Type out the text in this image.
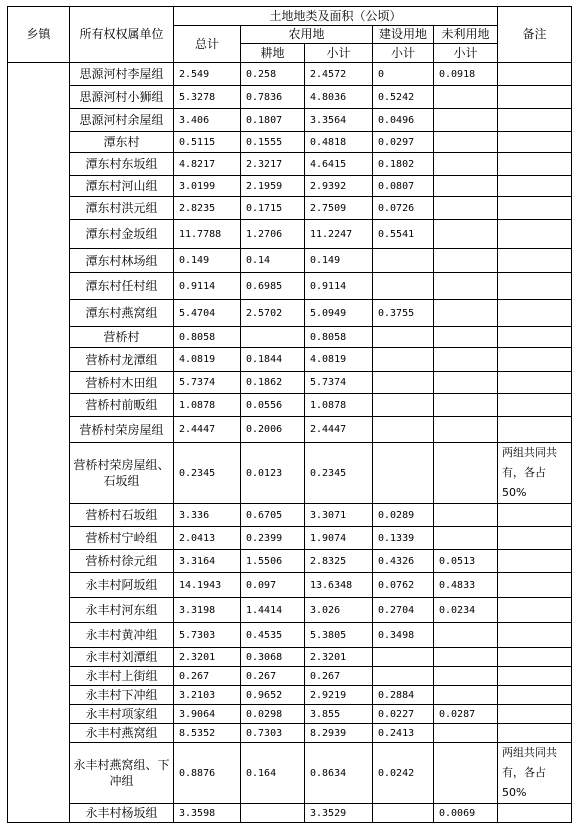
乡镇	所有权权属单位	土地地类及面积（公顷）					备注
		总计	农用地		建设用地	未利用地	
			耕地	小计	小计	小计	
	思源河村李屋组	2.549	0.258	2.4572	0	0.0918	
	思源河村小狮组	5.3278	0.7836	4.8036	0.5242		
	思源河村余屋组	3.406	0.1807	3.3564	0.0496		
	潭东村	0.5115	0.1555	0.4818	0.0297		
	潭东村东坂组	4.8217	2.3217	4.6415	0.1802		
	潭东村河山组	3.0199	2.1959	2.9392	0.0807		
	潭东村洪元组	2.8235	0.1715	2.7509	0.0726		
	潭东村金坂组	11.7788	1.2706	11.2247	0.5541		
	潭东村林场组	0.149	0.14	0.149			
	潭东村任村组	0.9114	0.6985	0.9114			
	潭东村燕窝组	5.4704	2.5702	5.0949	0.3755		
	营桥村	0.8058		0.8058			
	营桥村龙潭组	4.0819	0.1844	4.0819			
	营桥村木田组	5.7374	0.1862	5.7374			
	营桥村前畈组	1.0878	0.0556	1.0878			
	营桥村荣房屋组	2.4447	0.2006	2.4447			
	营桥村荣房屋组、石坂组	0.2345	0.0123	0.2345			两组共同共有，各占 50%
	营桥村石坂组	3.336	0.6705	3.3071	0.0289		
	营桥村宁岭组	2.0413	0.2399	1.9074	0.1339		
	营桥村徐元组	3.3164	1.5506	2.8325	0.4326	0.0513	
	永丰村阿坂组	14.1943	0.097	13.6348	0.0762	0.4833	
	永丰村河东组	3.3198	1.4414	3.026	0.2704	0.0234	
	永丰村黄冲组	5.7303	0.4535	5.3805	0.3498		
	永丰村刘潭组	2.3201	0.3068	2.3201			
	永丰村上街组	0.267	0.267	0.267			
	永丰村下冲组	3.2103	0.9652	2.9219	0.2884		
	永丰村项家组	3.9064	0.0298	3.855	0.0227	0.0287	
	永丰村燕窝组	8.5352	0.7303	8.2939	0.2413		
	永丰村燕窝组、下冲组	0.8876	0.164	0.8634	0.0242		两组共同共有，各占 50%
	永丰村杨坂组	3.3598		3.3529		0.0069	
